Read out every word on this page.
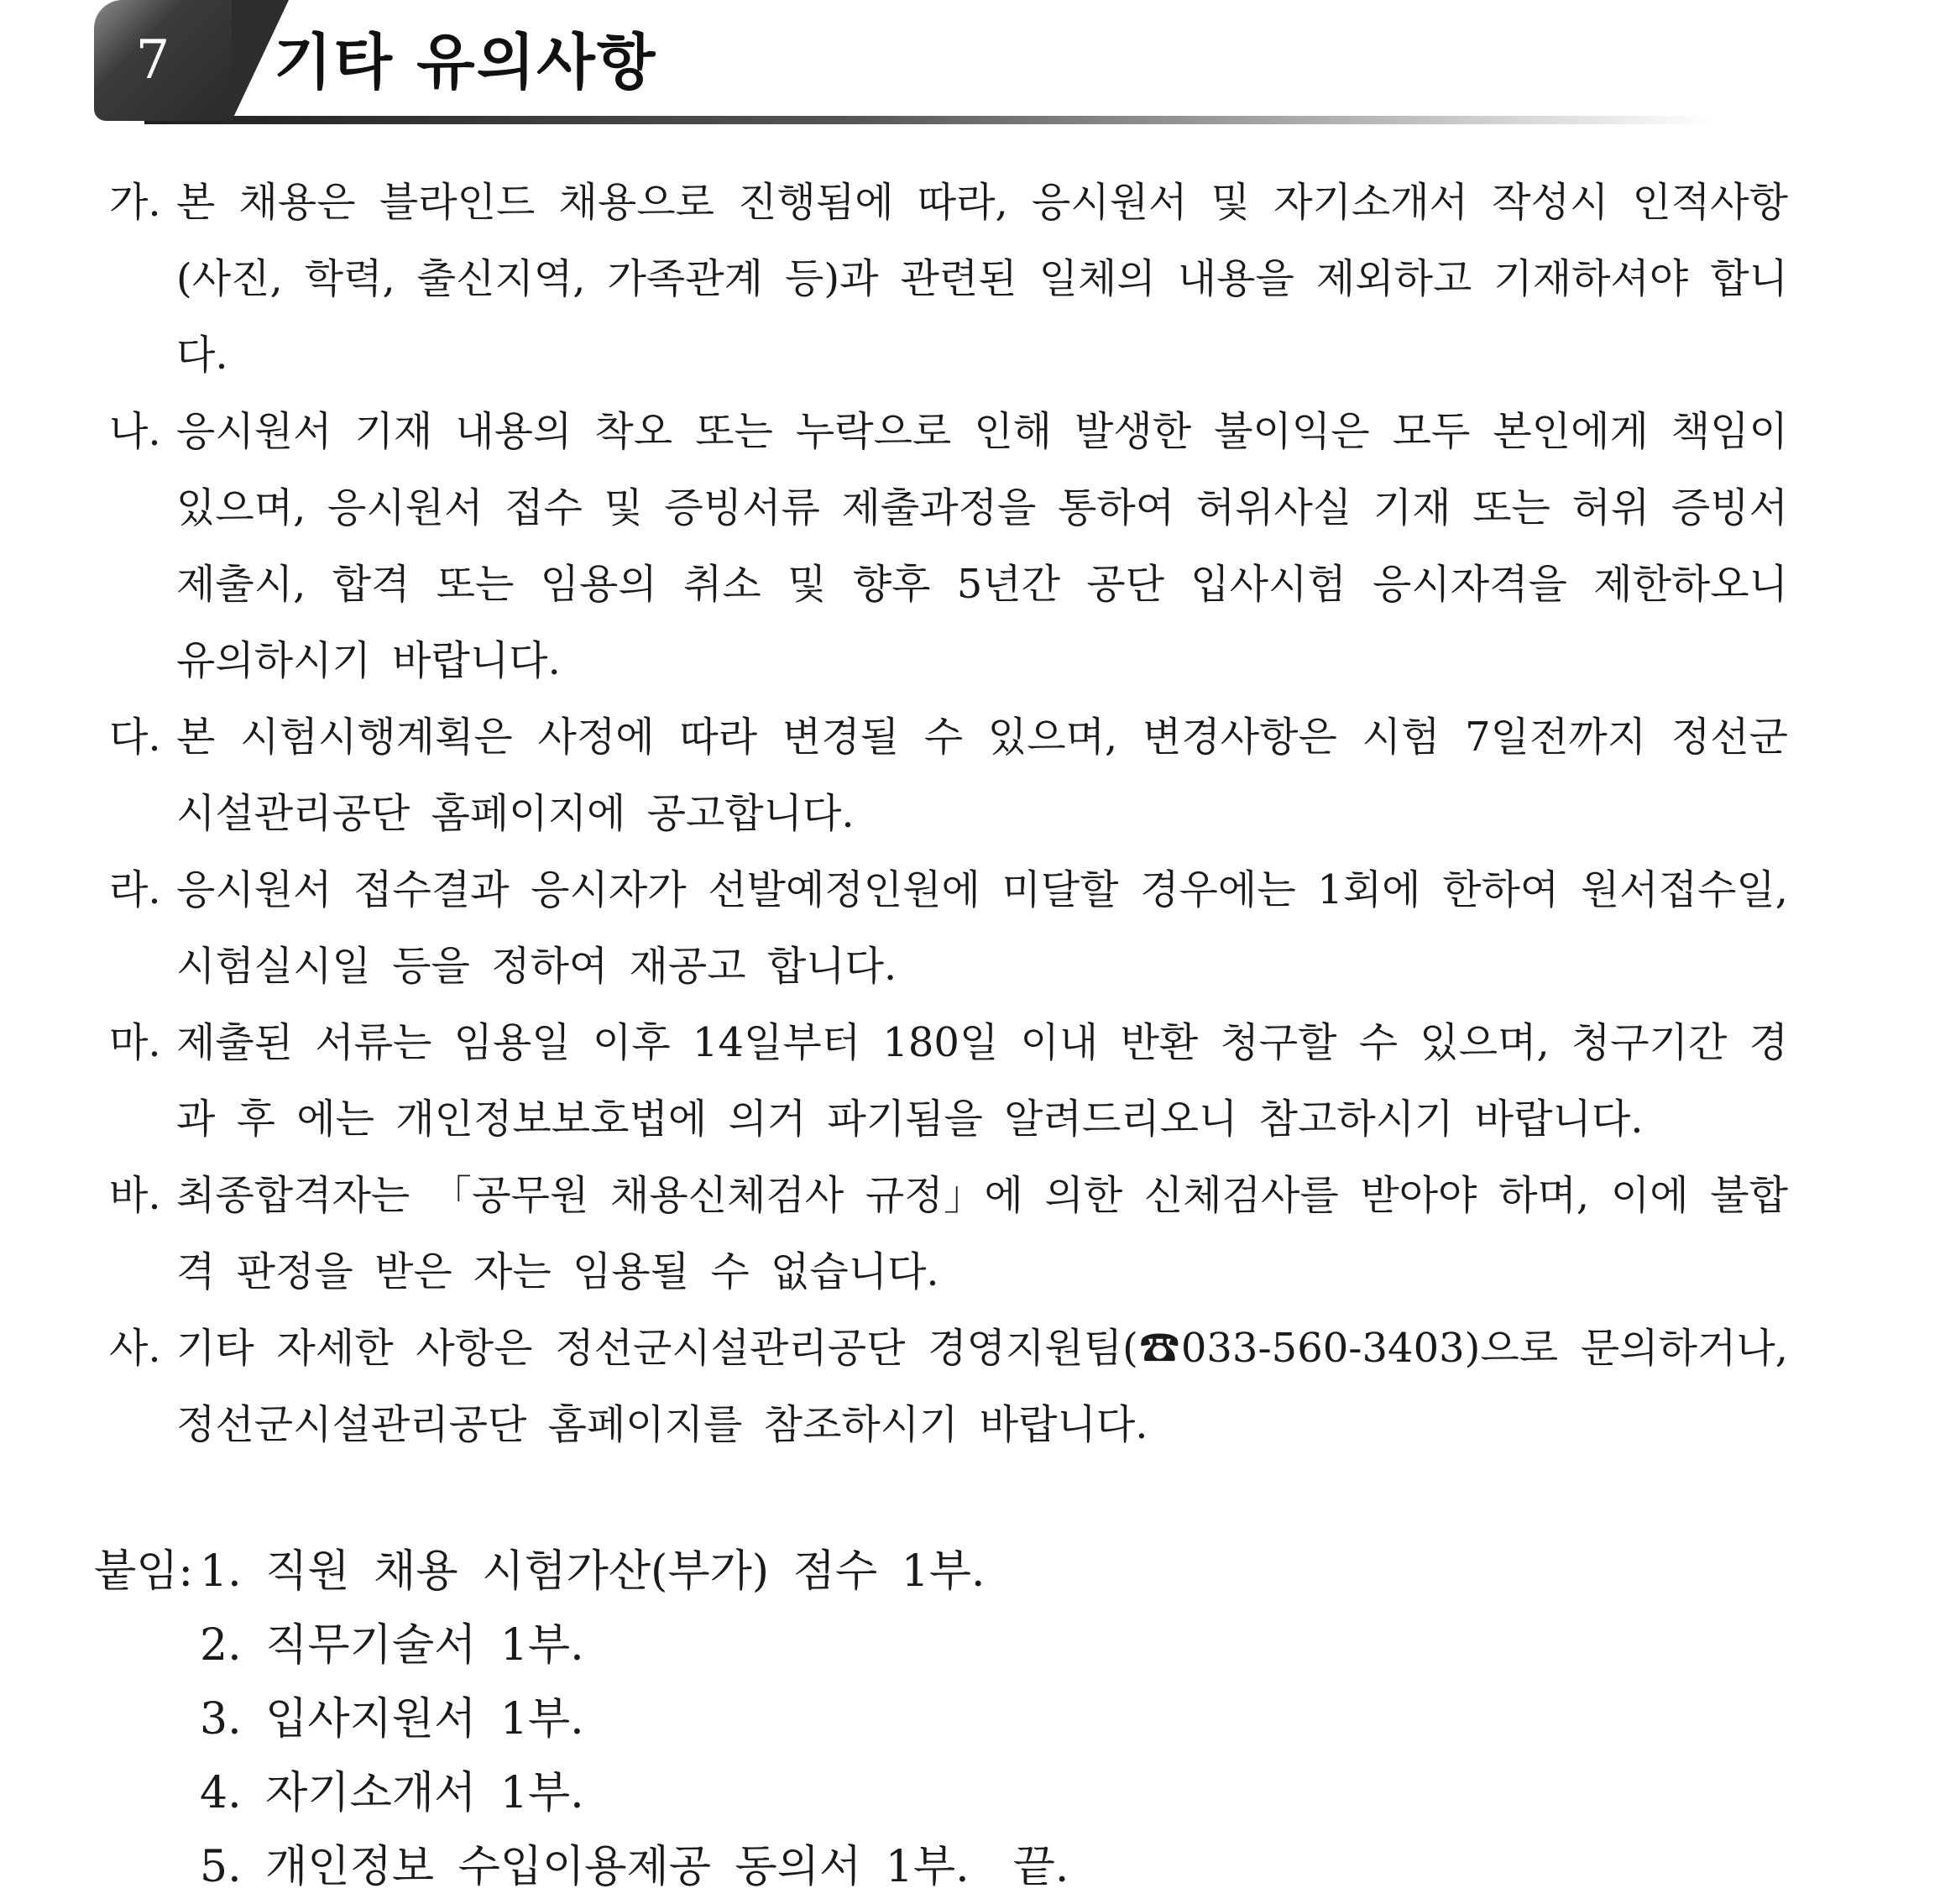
7	기타 유의사항
가. 본 채용은 블라인드 채용으로 진행됨에 따라, 응시원서 및 자기소개서 작성시 인적사항(사진, 학력, 출신지역, 가족관계 등)과 관련된 일체의 내용을 제외하고 기재하셔야 합니다.
나. 응시원서 기재 내용의 착오 또는 누락으로 인해 발생한 불이익은 모두 본인에게 책임이 있으며, 응시원서 접수 및 증빙서류 제출과정을 통하여 허위사실 기재 또는 허위 증빙서 제출시, 합격 또는 임용의 취소 및 향후 5년간 공단 입사시험 응시자격을 제한하오니 유의하시기 바랍니다.
다. 본 시험시행계획은 사정에 따라 변경될 수 있으며, 변경사항은 시험 7일전까지 정선군시설관리공단 홈페이지에 공고합니다.
라. 응시원서 접수결과 응시자가 선발예정인원에 미달할 경우에는 1회에 한하여 원서접수일, 시험실시일 등을 정하여 재공고 합니다.
마. 제출된 서류는 임용일 이후 14일부터 180일 이내 반환 청구할 수 있으며, 청구기간 경과 후 에는 개인정보보호법에 의거 파기됨을 알려드리오니 참고하시기 바랍니다.
바. 최종합격자는 「공무원 채용신체검사 규정」에 의한 신체검사를 받아야 하며, 이에 불합격 판정을 받은 자는 임용될 수 없습니다.
사. 기타 자세한 사항은 정선군시설관리공단 경영지원팀(☎033-560-3403)으로 문의하거나, 정선군시설관리공단 홈페이지를 참조하시기 바랍니다.
붙임: 1. 직원 채용 시험가산(부가) 점수 1부.
2. 직무기술서 1부.
3. 입사지원서 1부.
4. 자기소개서 1부.
5. 개인정보 수입이용제공 동의서 1부.　끝.
